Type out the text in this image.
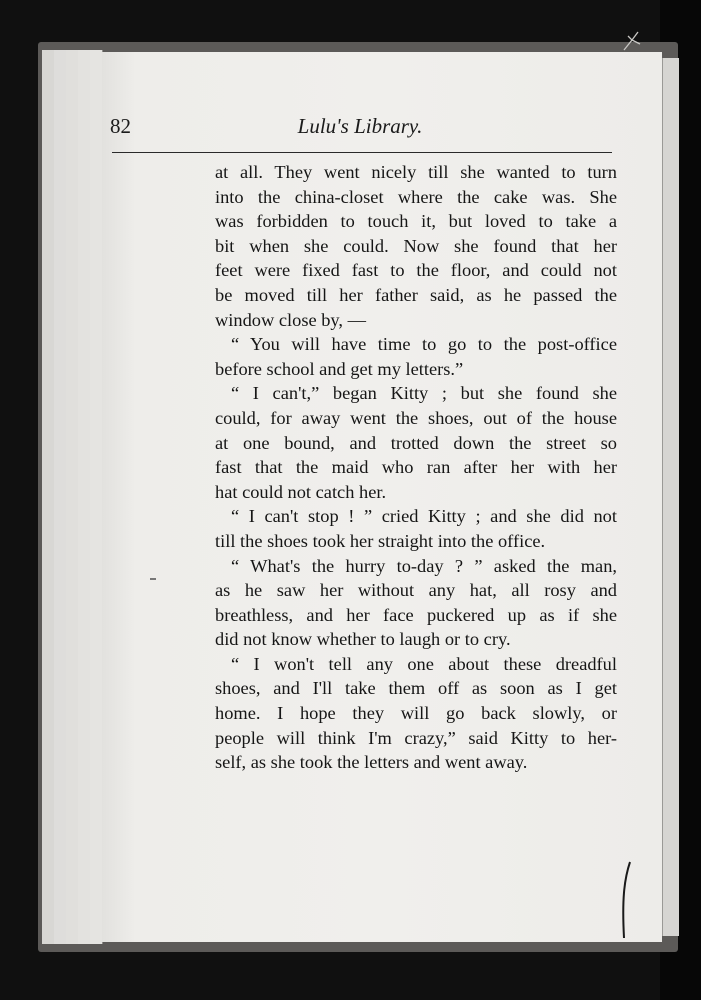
82	Lulu's Library.
at all. They went nicely till she wanted to turn
into the china-closet where the cake was. She
was forbidden to touch it, but loved to take a
bit when she could. Now she found that her
feet were fixed fast to the floor, and could not
be moved till her father said, as he passed the
window close by, —
“ You will have time to go to the post-office
before school and get my letters.”
“ I can't,” began Kitty ; but she found she
could, for away went the shoes, out of the house
at one bound, and trotted down the street so
fast that the maid who ran after her with her
hat could not catch her.
“ I can't stop ! ” cried Kitty ; and she did not
till the shoes took her straight into the office.
“ What's the hurry to-day ? ” asked the man,
as he saw her without any hat, all rosy and
breathless, and her face puckered up as if she
did not know whether to laugh or to cry.
“ I won't tell any one about these dreadful
shoes, and I'll take them off as soon as I get
home. I hope they will go back slowly, or
people will think I'm crazy,” said Kitty to her-
self, as she took the letters and went away.
